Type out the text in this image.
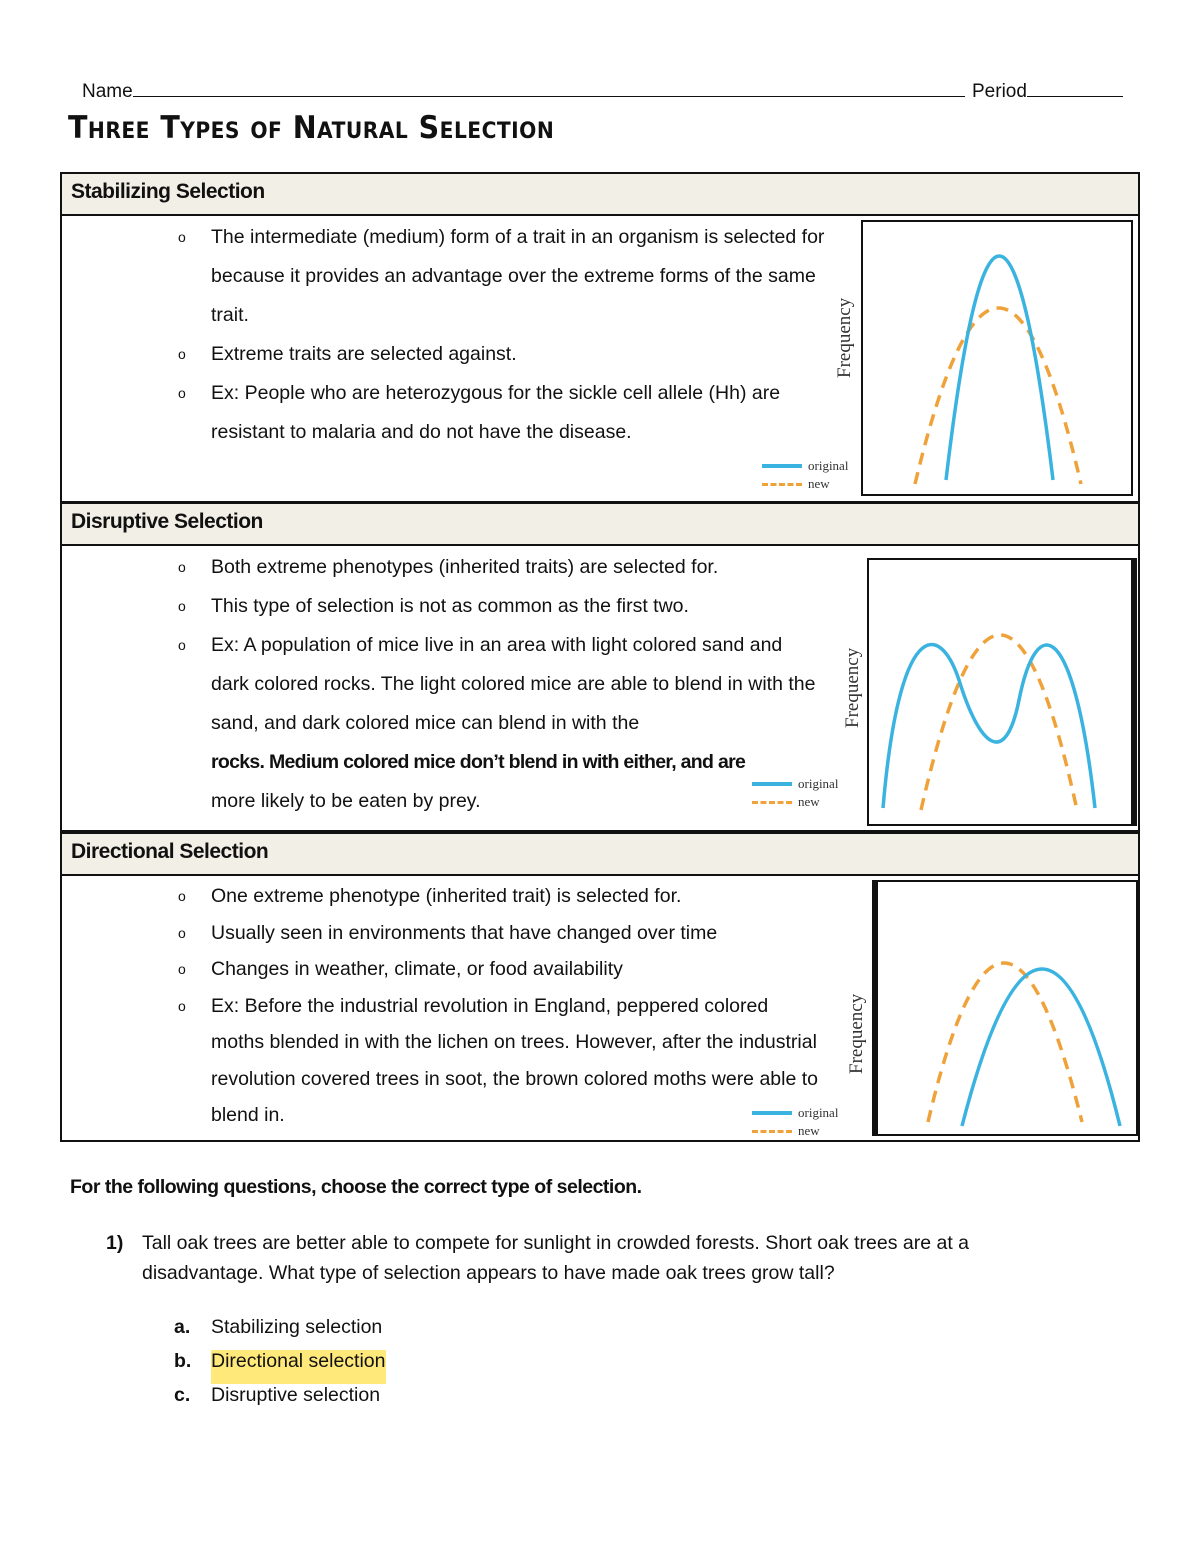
Name	Period
Three Types of Natural Selection
Stabilizing Selection
o The intermediate (medium) form of a trait in an organism is selected for because it provides an advantage over the extreme forms of the same trait.
o Extreme traits are selected against.
o Ex: People who are heterozygous for the sickle cell allele (Hh) are resistant to malaria and do not have the disease.
Frequency
original
new
Disruptive Selection
o Both extreme phenotypes (inherited traits) are selected for.
o This type of selection is not as common as the first two.
o Ex: A population of mice live in an area with light colored sand and dark colored rocks. The light colored mice are able to blend in with the sand, and dark colored mice can blend in with the
rocks. Medium colored mice don’t blend in with either, and are
more likely to be eaten by prey.
Frequency
original
new
Directional Selection
o One extreme phenotype (inherited trait) is selected for.
o Usually seen in environments that have changed over time
o Changes in weather, climate, or food availability
o Ex: Before the industrial revolution in England, peppered colored moths blended in with the lichen on trees. However, after the industrial revolution covered trees in soot, the brown colored moths were able to blend in.
Frequency
original
new
For the following questions, choose the correct type of selection.
1) Tall oak trees are better able to compete for sunlight in crowded forests. Short oak trees are at a disadvantage. What type of selection appears to have made oak trees grow tall?
a.	Stabilizing selection
b.	Directional selection
c.	Disruptive selection
